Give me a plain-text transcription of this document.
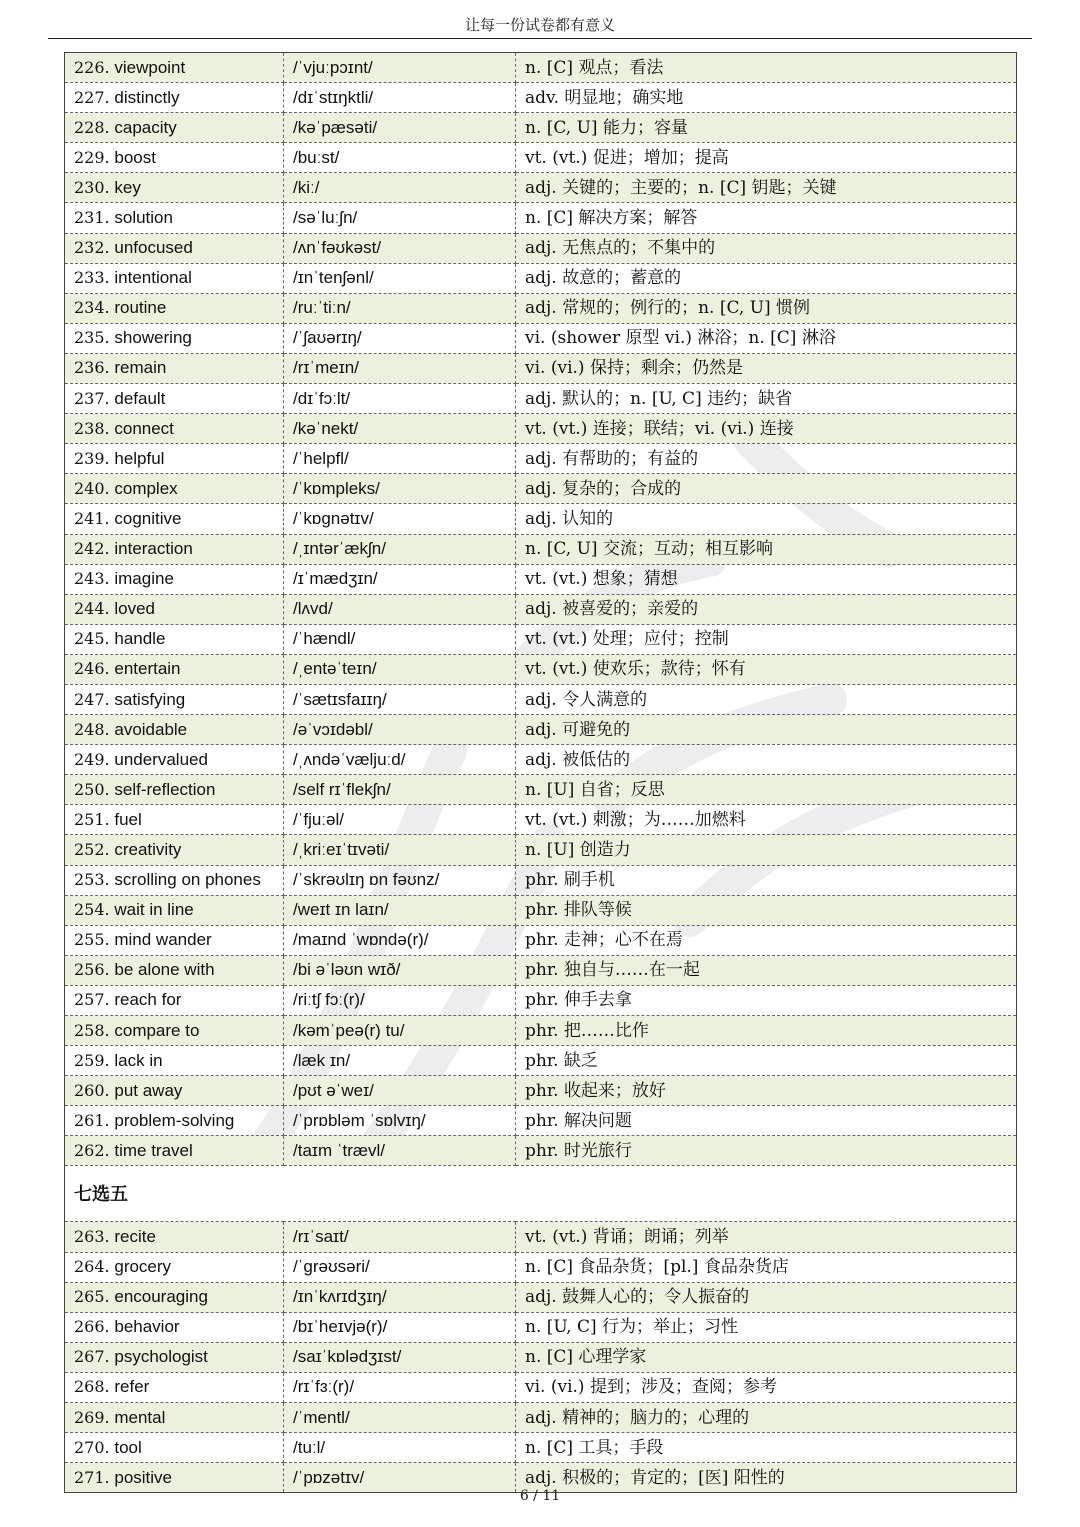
让每一份试卷都有意义
226. viewpoint	/ˈvjuːpɔɪnt/	n. [C] 观点；看法
227. distinctly	/dɪˈstɪŋktli/	adv. 明显地；确实地
228. capacity	/kəˈpæsəti/	n. [C, U] 能力；容量
229. boost	/buːst/	vt. (vt.) 促进；增加；提高
230. key	/kiː/	adj. 关键的；主要的；n. [C] 钥匙；关键
231. solution	/səˈluːʃn/	n. [C] 解决方案；解答
232. unfocused	/ʌnˈfəʊkəst/	adj. 无焦点的；不集中的
233. intentional	/ɪnˈtenʃənl/	adj. 故意的；蓄意的
234. routine	/ruːˈtiːn/	adj. 常规的；例行的；n. [C, U] 惯例
235. showering	/ˈʃaʊərɪŋ/	vi. (shower 原型 vi.) 淋浴；n. [C] 淋浴
236. remain	/rɪˈmeɪn/	vi. (vi.) 保持；剩余；仍然是
237. default	/dɪˈfɔːlt/	adj. 默认的；n. [U, C] 违约；缺省
238. connect	/kəˈnekt/	vt. (vt.) 连接；联结；vi. (vi.) 连接
239. helpful	/ˈhelpfl/	adj. 有帮助的；有益的
240. complex	/ˈkɒmpleks/	adj. 复杂的；合成的
241. cognitive	/ˈkɒgnətɪv/	adj. 认知的
242. interaction	/ˌɪntərˈækʃn/	n. [C, U] 交流；互动；相互影响
243. imagine	/ɪˈmædʒɪn/	vt. (vt.) 想象；猜想
244. loved	/lʌvd/	adj. 被喜爱的；亲爱的
245. handle	/ˈhændl/	vt. (vt.) 处理；应付；控制
246. entertain	/ˌentəˈteɪn/	vt. (vt.) 使欢乐；款待；怀有
247. satisfying	/ˈsætɪsfaɪɪŋ/	adj. 令人满意的
248. avoidable	/əˈvɔɪdəbl/	adj. 可避免的
249. undervalued	/ˌʌndəˈvæljuːd/	adj. 被低估的
250. self-reflection	/self rɪˈflekʃn/	n. [U] 自省；反思
251. fuel	/ˈfjuːəl/	vt. (vt.) 刺激；为……加燃料
252. creativity	/ˌkriːeɪˈtɪvəti/	n. [U] 创造力
253. scrolling on phones	/ˈskrəʊlɪŋ ɒn fəʊnz/	phr. 刷手机
254. wait in line	/weɪt ɪn laɪn/	phr. 排队等候
255. mind wander	/maɪnd ˈwɒndə(r)/	phr. 走神；心不在焉
256. be alone with	/bi əˈləʊn wɪð/	phr. 独自与……在一起
257. reach for	/riːtʃ fɔː(r)/	phr. 伸手去拿
258. compare to	/kəmˈpeə(r) tu/	phr. 把……比作
259. lack in	/læk ɪn/	phr. 缺乏
260. put away	/pʊt əˈweɪ/	phr. 收起来；放好
261. problem-solving	/ˈprɒbləm ˈsɒlvɪŋ/	phr. 解决问题
262. time travel	/taɪm ˈtrævl/	phr. 时光旅行
七选五		
263. recite	/rɪˈsaɪt/	vt. (vt.) 背诵；朗诵；列举
264. grocery	/ˈgrəʊsəri/	n. [C] 食品杂货；[pl.] 食品杂货店
265. encouraging	/ɪnˈkʌrɪdʒɪŋ/	adj. 鼓舞人心的；令人振奋的
266. behavior	/bɪˈheɪvjə(r)/	n. [U, C] 行为；举止；习性
267. psychologist	/saɪˈkɒlədʒɪst/	n. [C] 心理学家
268. refer	/rɪˈfɜː(r)/	vi. (vi.) 提到；涉及；查阅；参考
269. mental	/ˈmentl/	adj. 精神的；脑力的；心理的
270. tool	/tuːl/	n. [C] 工具；手段
271. positive	/ˈpɒzətɪv/	adj. 积极的；肯定的；[医] 阳性的
6 / 11
